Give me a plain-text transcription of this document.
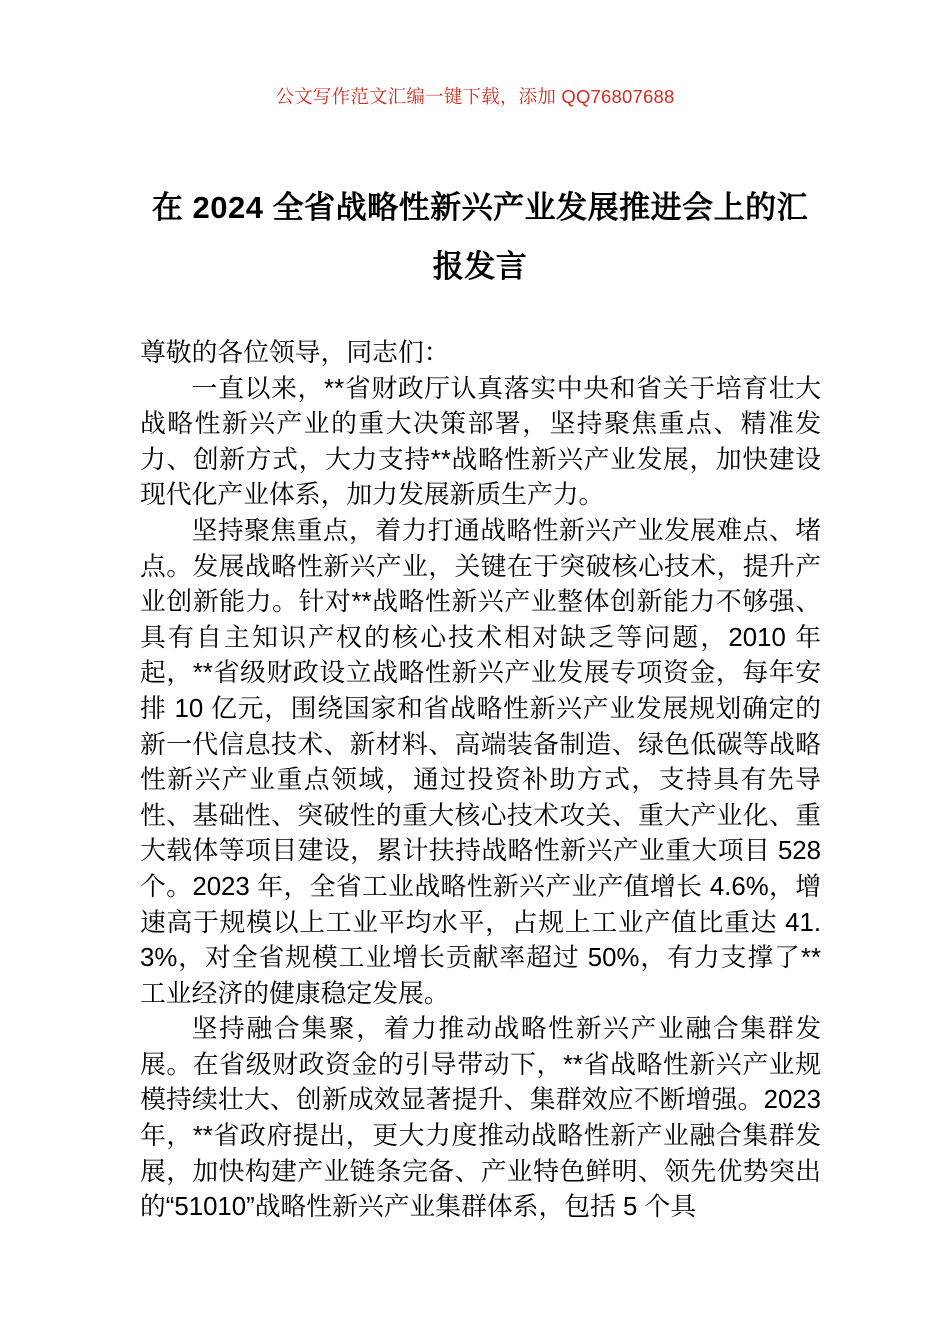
公文写作范文汇编一键下载，添加 QQ76807688
在 2024 全省战略性新兴产业发展推进会上的汇报发言

尊敬的各位领导，同志们：

一直以来，**省财政厅认真落实中央和省关于培育壮大战略性新兴产业的重大决策部署，坚持聚焦重点、精准发力、创新方式，大力支持**战略性新兴产业发展，加快建设现代化产业体系，加力发展新质生产力。

坚持聚焦重点，着力打通战略性新兴产业发展难点、堵点。发展战略性新兴产业，关键在于突破核心技术，提升产业创新能力。针对**战略性新兴产业整体创新能力不够强、具有自主知识产权的核心技术相对缺乏等问题，2010 年起，**省级财政设立战略性新兴产业发展专项资金，每年安排 10 亿元，围绕国家和省战略性新兴产业发展规划确定的新一代信息技术、新材料、高端装备制造、绿色低碳等战略性新兴产业重点领域，通过投资补助方式，支持具有先导性、基础性、突破性的重大核心技术攻关、重大产业化、重大载体等项目建设，累计扶持战略性新兴产业重大项目 528 个。2023 年，全省工业战略性新兴产业产值增长 4.6%，增速高于规模以上工业平均水平，占规上工业产值比重达 41.3%，对全省规模工业增长贡献率超过 50%，有力支撑了**工业经济的健康稳定发展。

坚持融合集聚，着力推动战略性新兴产业融合集群发展。在省级财政资金的引导带动下，**省战略性新兴产业规模持续壮大、创新成效显著提升、集群效应不断增强。2023 年，**省政府提出，更大力度推动战略性新产业融合集群发展，加快构建产业链条完备、产业特色鲜明、领先优势突出的“51010”战略性新兴产业集群体系，包括 5 个具
